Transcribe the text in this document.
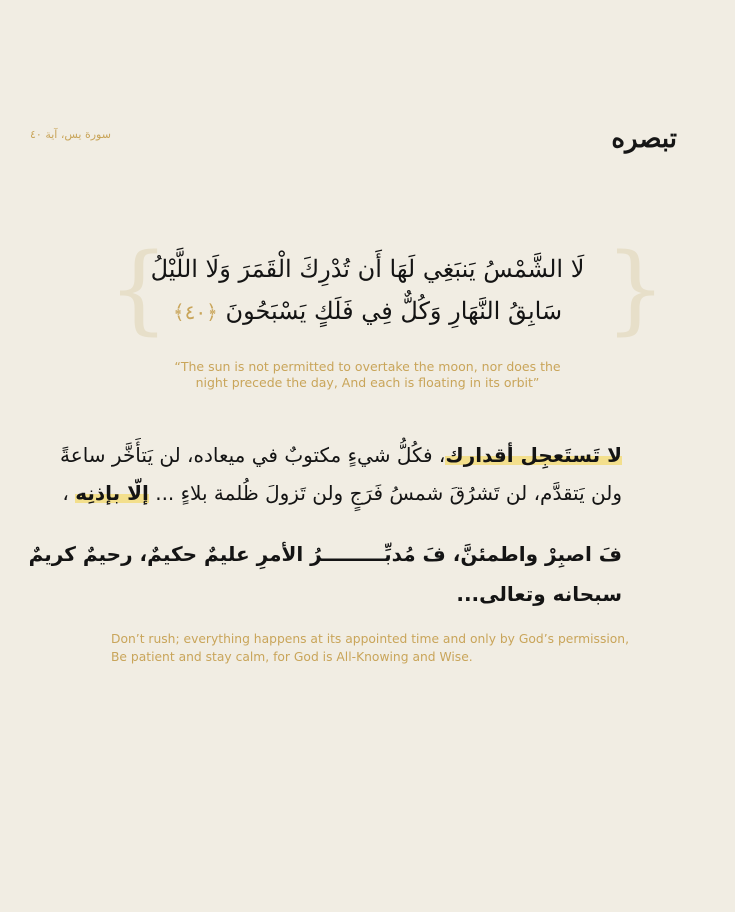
سورة يس، آية ٤٠	تبصره
{
لَا الشَّمْسُ يَنبَغِي لَهَا أَن تُدْرِكَ الْقَمَرَ وَلَا اللَّيْلُ
سَابِقُ النَّهَارِ وَكُلٌّ فِي فَلَكٍ يَسْبَحُونَ ﴿٤٠﴾	}
“The sun is not permitted to overtake the moon, nor does the
night precede the day, And each is floating in its orbit”
لا تَستَعجِل أقدارك، فكُلُّ شيءٍ مكتوبٌ في ميعاده، لن يَتأَخَّر ساعةً
ولن يَتقدَّم، لن تَشرُقَ شمسُ فَرَجٍ ولن تَزولَ ظُلمة بلاءٍ ... إلّا بإذنِه ،
فَ اصبِرْ واطمئنَّ، فَ مُدبِّـــــــــرُ الأمرِ عليمٌ حكيمٌ، رحيمٌ كريمٌ
سبحانه وتعالى...
Don’t rush; everything happens at its appointed time and only by God’s permission,
Be patient and stay calm, for God is All-Knowing and Wise.
